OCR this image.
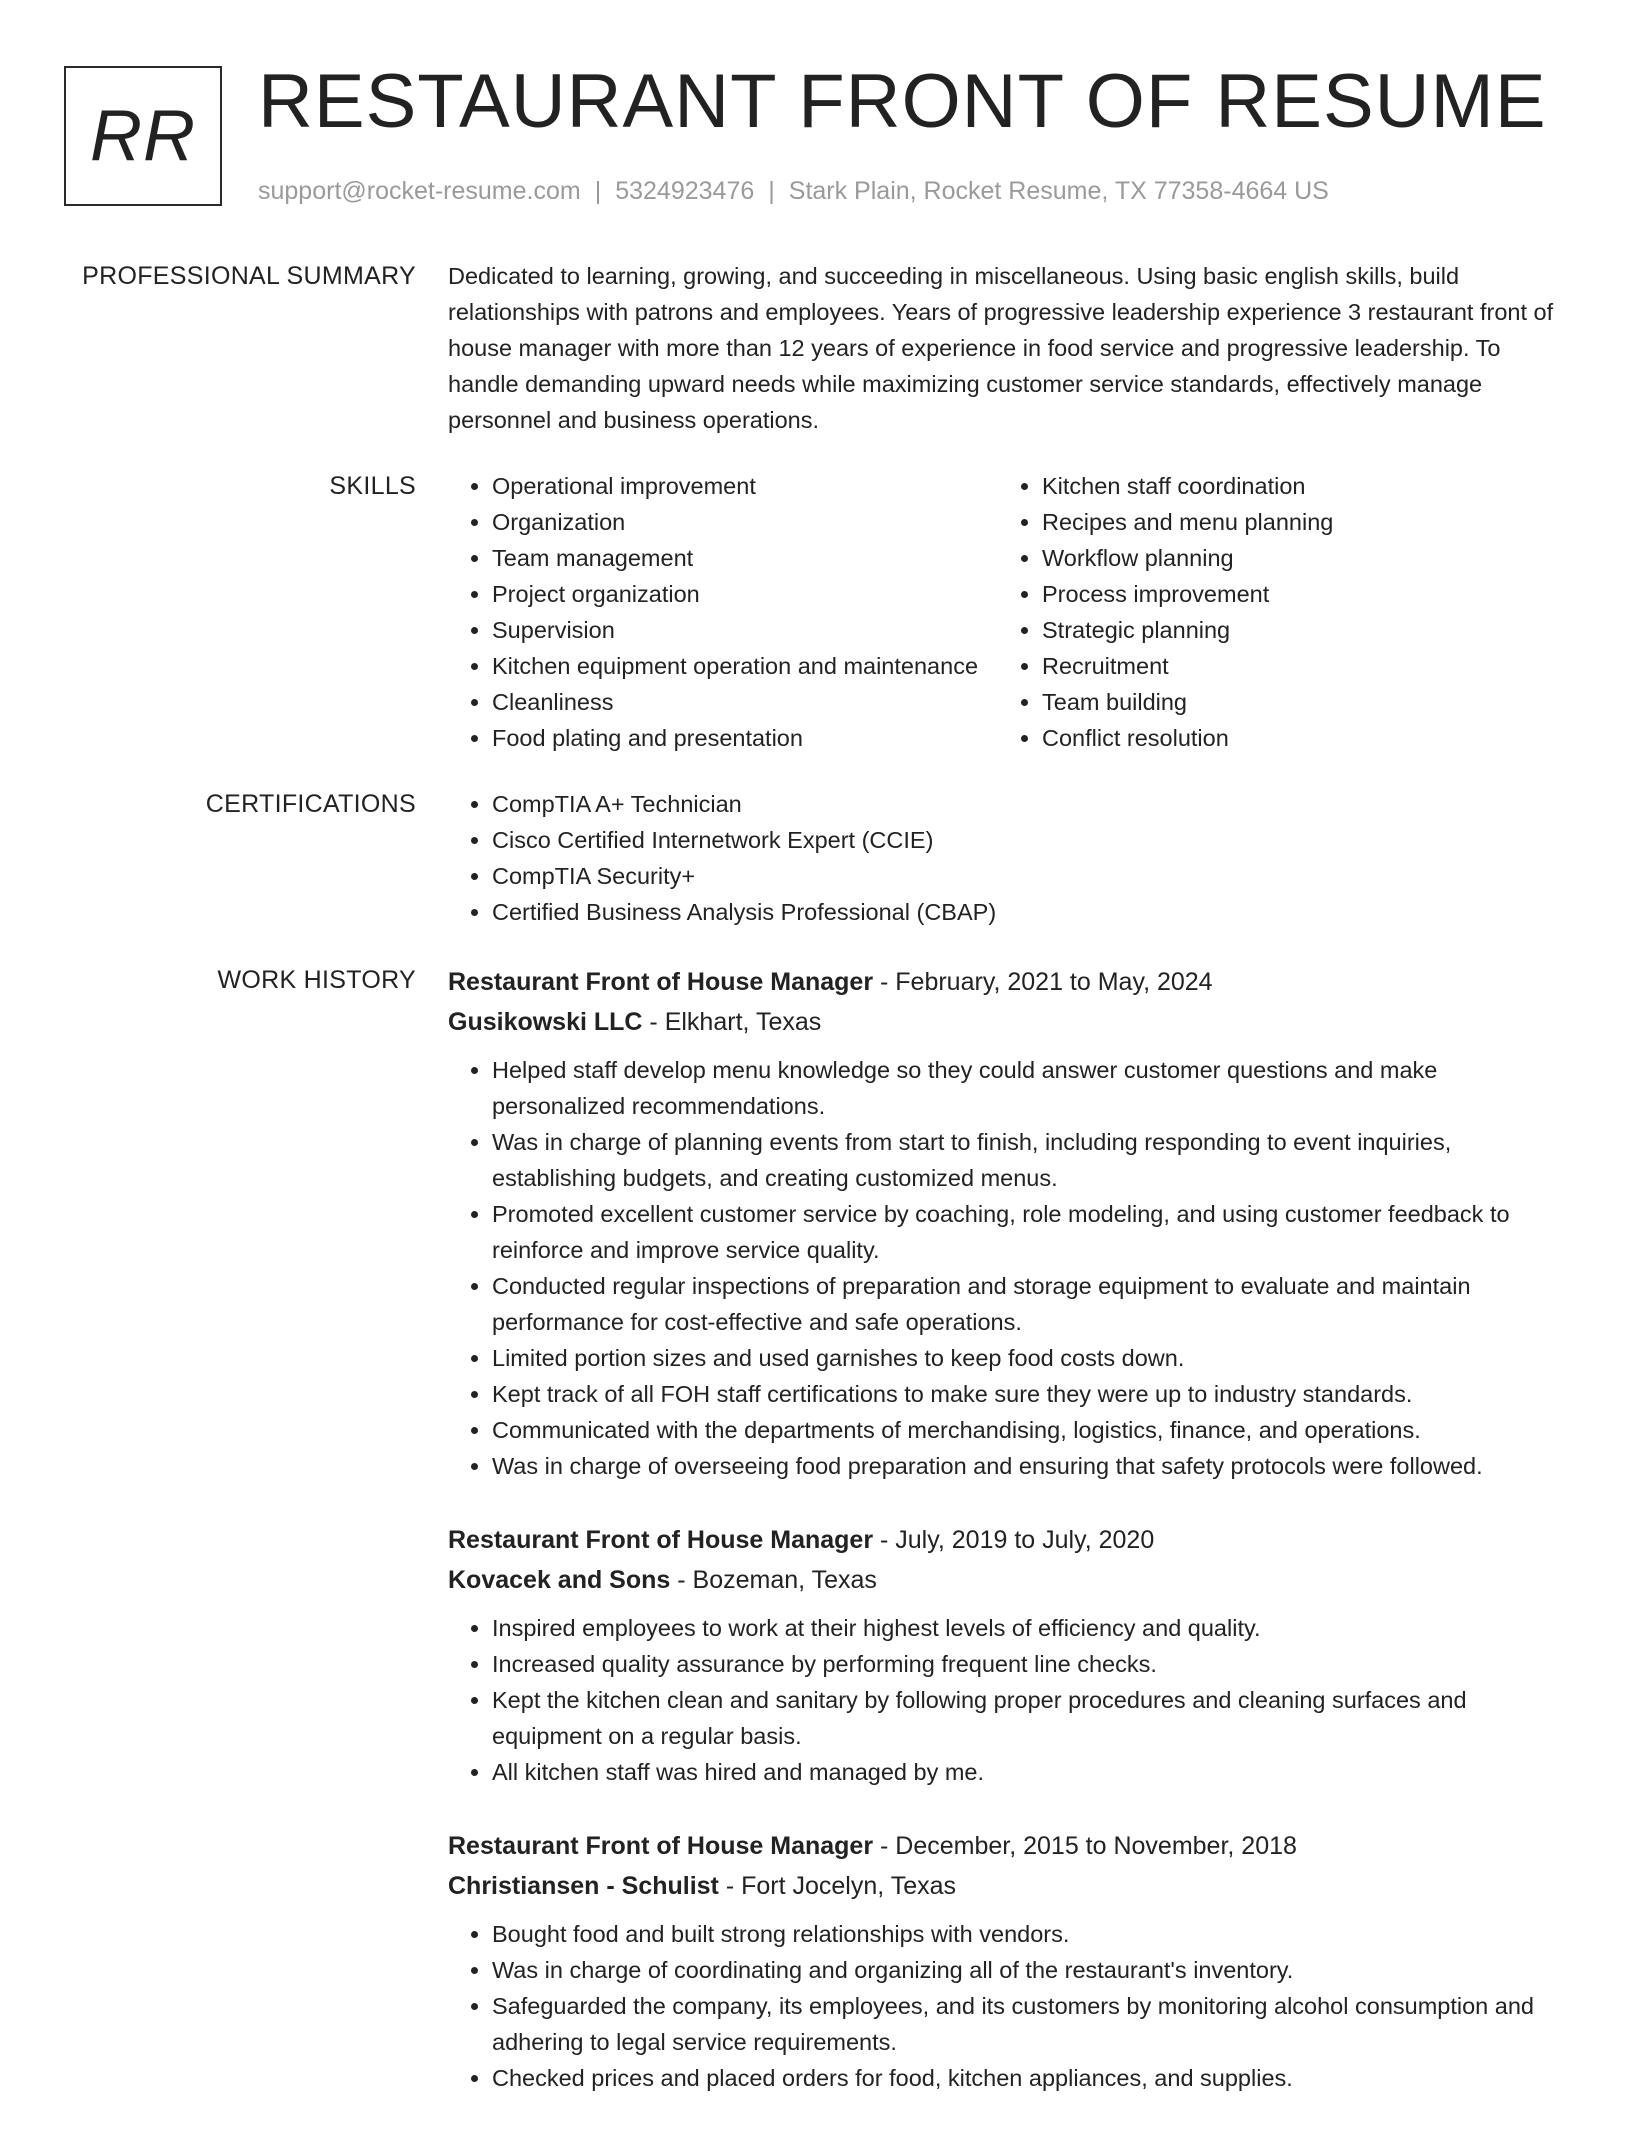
RR RESTAURANT FRONT OF RESUME
support@rocket-resume.com | 5324923476 | Stark Plain, Rocket Resume, TX 77358-4664 US
PROFESSIONAL SUMMARY Dedicated to learning, growing, and succeeding in miscellaneous. Using basic english skills, build relationships with patrons and employees. Years of progressive leadership experience 3 restaurant front of house manager with more than 12 years of experience in food service and progressive leadership. To handle demanding upward needs while maximizing customer service standards, effectively manage personnel and business operations.
SKILLS	• Operational improvement
• Organization
• Team management
• Project organization
• Supervision
• Kitchen equipment operation and maintenance
• Cleanliness
• Food plating and presentation
• Kitchen staff coordination
• Recipes and menu planning
• Workflow planning
• Process improvement
• Strategic planning
• Recruitment
• Team building
• Conflict resolution
CERTIFICATIONS	• CompTIA A+ Technician
• Cisco Certified Internetwork Expert (CCIE)
• CompTIA Security+
• Certified Business Analysis Professional (CBAP)
WORK HISTORY Restaurant Front of House Manager - February, 2021 to May, 2024
Gusikowski LLC - Elkhart, Texas
• Helped staff develop menu knowledge so they could answer customer questions and make personalized recommendations.
• Was in charge of planning events from start to finish, including responding to event inquiries, establishing budgets, and creating customized menus.
• Promoted excellent customer service by coaching, role modeling, and using customer feedback to reinforce and improve service quality.
• Conducted regular inspections of preparation and storage equipment to evaluate and maintain performance for cost-effective and safe operations.
• Limited portion sizes and used garnishes to keep food costs down.
• Kept track of all FOH staff certifications to make sure they were up to industry standards.
• Communicated with the departments of merchandising, logistics, finance, and operations.
• Was in charge of overseeing food preparation and ensuring that safety protocols were followed.
Restaurant Front of House Manager - July, 2019 to July, 2020
Kovacek and Sons - Bozeman, Texas
• Inspired employees to work at their highest levels of efficiency and quality.
• Increased quality assurance by performing frequent line checks.
• Kept the kitchen clean and sanitary by following proper procedures and cleaning surfaces and equipment on a regular basis.
• All kitchen staff was hired and managed by me.
Restaurant Front of House Manager - December, 2015 to November, 2018
Christiansen - Schulist - Fort Jocelyn, Texas
• Bought food and built strong relationships with vendors.
• Was in charge of coordinating and organizing all of the restaurant's inventory.
• Safeguarded the company, its employees, and its customers by monitoring alcohol consumption and adhering to legal service requirements.
• Checked prices and placed orders for food, kitchen appliances, and supplies.
